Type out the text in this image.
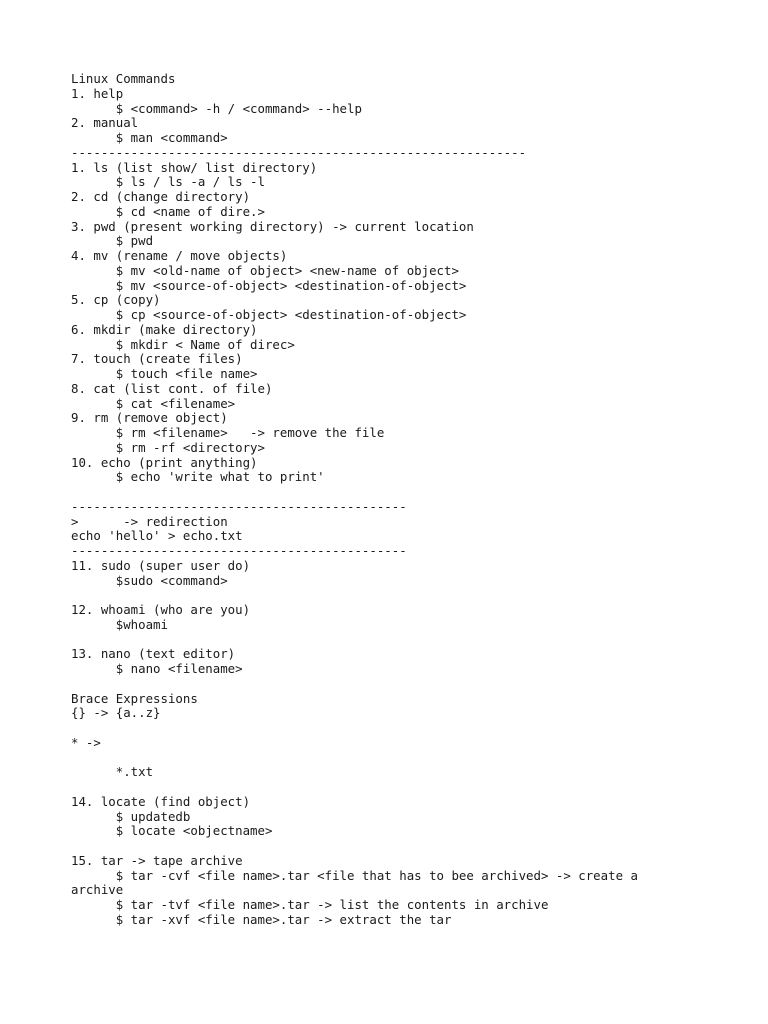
Linux Commands
1. help
$ <command> -h / <command> --help
2. manual
$ man <command>
-------------------------------------------------------------
1. ls (list show/ list directory)
$ ls / ls -a / ls -l
2. cd (change directory)
$ cd <name of dire.>
3. pwd (present working directory) -> current location
$ pwd
4. mv (rename / move objects)
$ mv <old-name of object> <new-name of object>
$ mv <source-of-object> <destination-of-object>
5. cp (copy)
$ cp <source-of-object> <destination-of-object>
6. mkdir (make directory)
$ mkdir < Name of direc>
7. touch (create files)
$ touch <file name>
8. cat (list cont. of file)
$ cat <filename>
9. rm (remove object)
$ rm <filename>   -> remove the file
$ rm -rf <directory>
10. echo (print anything)
$ echo 'write what to print'
---------------------------------------------
>      -> redirection
echo 'hello' > echo.txt
---------------------------------------------
11. sudo (super user do)
$sudo <command>
12. whoami (who are you)
$whoami
13. nano (text editor)
$ nano <filename>
Brace Expressions
{} -> {a..z}
* ->
*.txt
14. locate (find object)
$ updatedb
$ locate <objectname>
15. tar -> tape archive
$ tar -cvf <file name>.tar <file that has to bee archived> -> create a
archive
$ tar -tvf <file name>.tar -> list the contents in archive
$ tar -xvf <file name>.tar -> extract the tar
